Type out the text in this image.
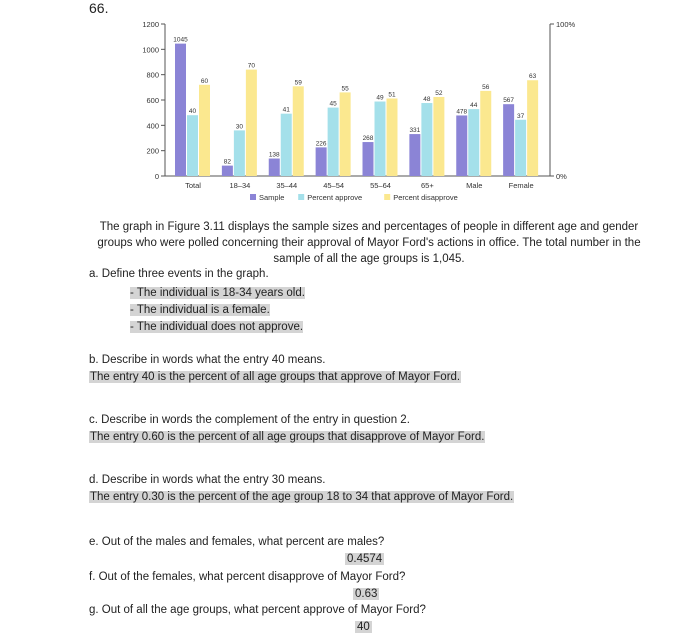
66.
0
200
400
600
800
1000
1200
0%
100%
1045
40
60
Total
82
30
70
18–34
138
41
59
35–44
226
45
55
45–54
268
49 51
55–64
331
48
52
65+
478
44
56
Male
567
37
63
Female
Sample	Percent approve	Percent disapprove
The graph in Figure 3.11 displays the sample sizes and percentages of people in different age and gender groups who were polled concerning their approval of Mayor Ford's actions in office. The total number in the sample of all the age groups is 1,045.
a. Define three events in the graph.
- The individual is 18-34 years old.
- The individual is a female.
- The individual does not approve.
b. Describe in words what the entry 40 means.
The entry 40 is the percent of all age groups that approve of Mayor Ford.
c. Describe in words the complement of the entry in question 2.
The entry 0.60 is the percent of all age groups that disapprove of Mayor Ford.
d. Describe in words what the entry 30 means.
The entry 0.30 is the percent of the age group 18 to 34 that approve of Mayor Ford.
e. Out of the males and females, what percent are males?
0.4574
f. Out of the females, what percent disapprove of Mayor Ford?
0.63
g. Out of all the age groups, what percent approve of Mayor Ford?
40
